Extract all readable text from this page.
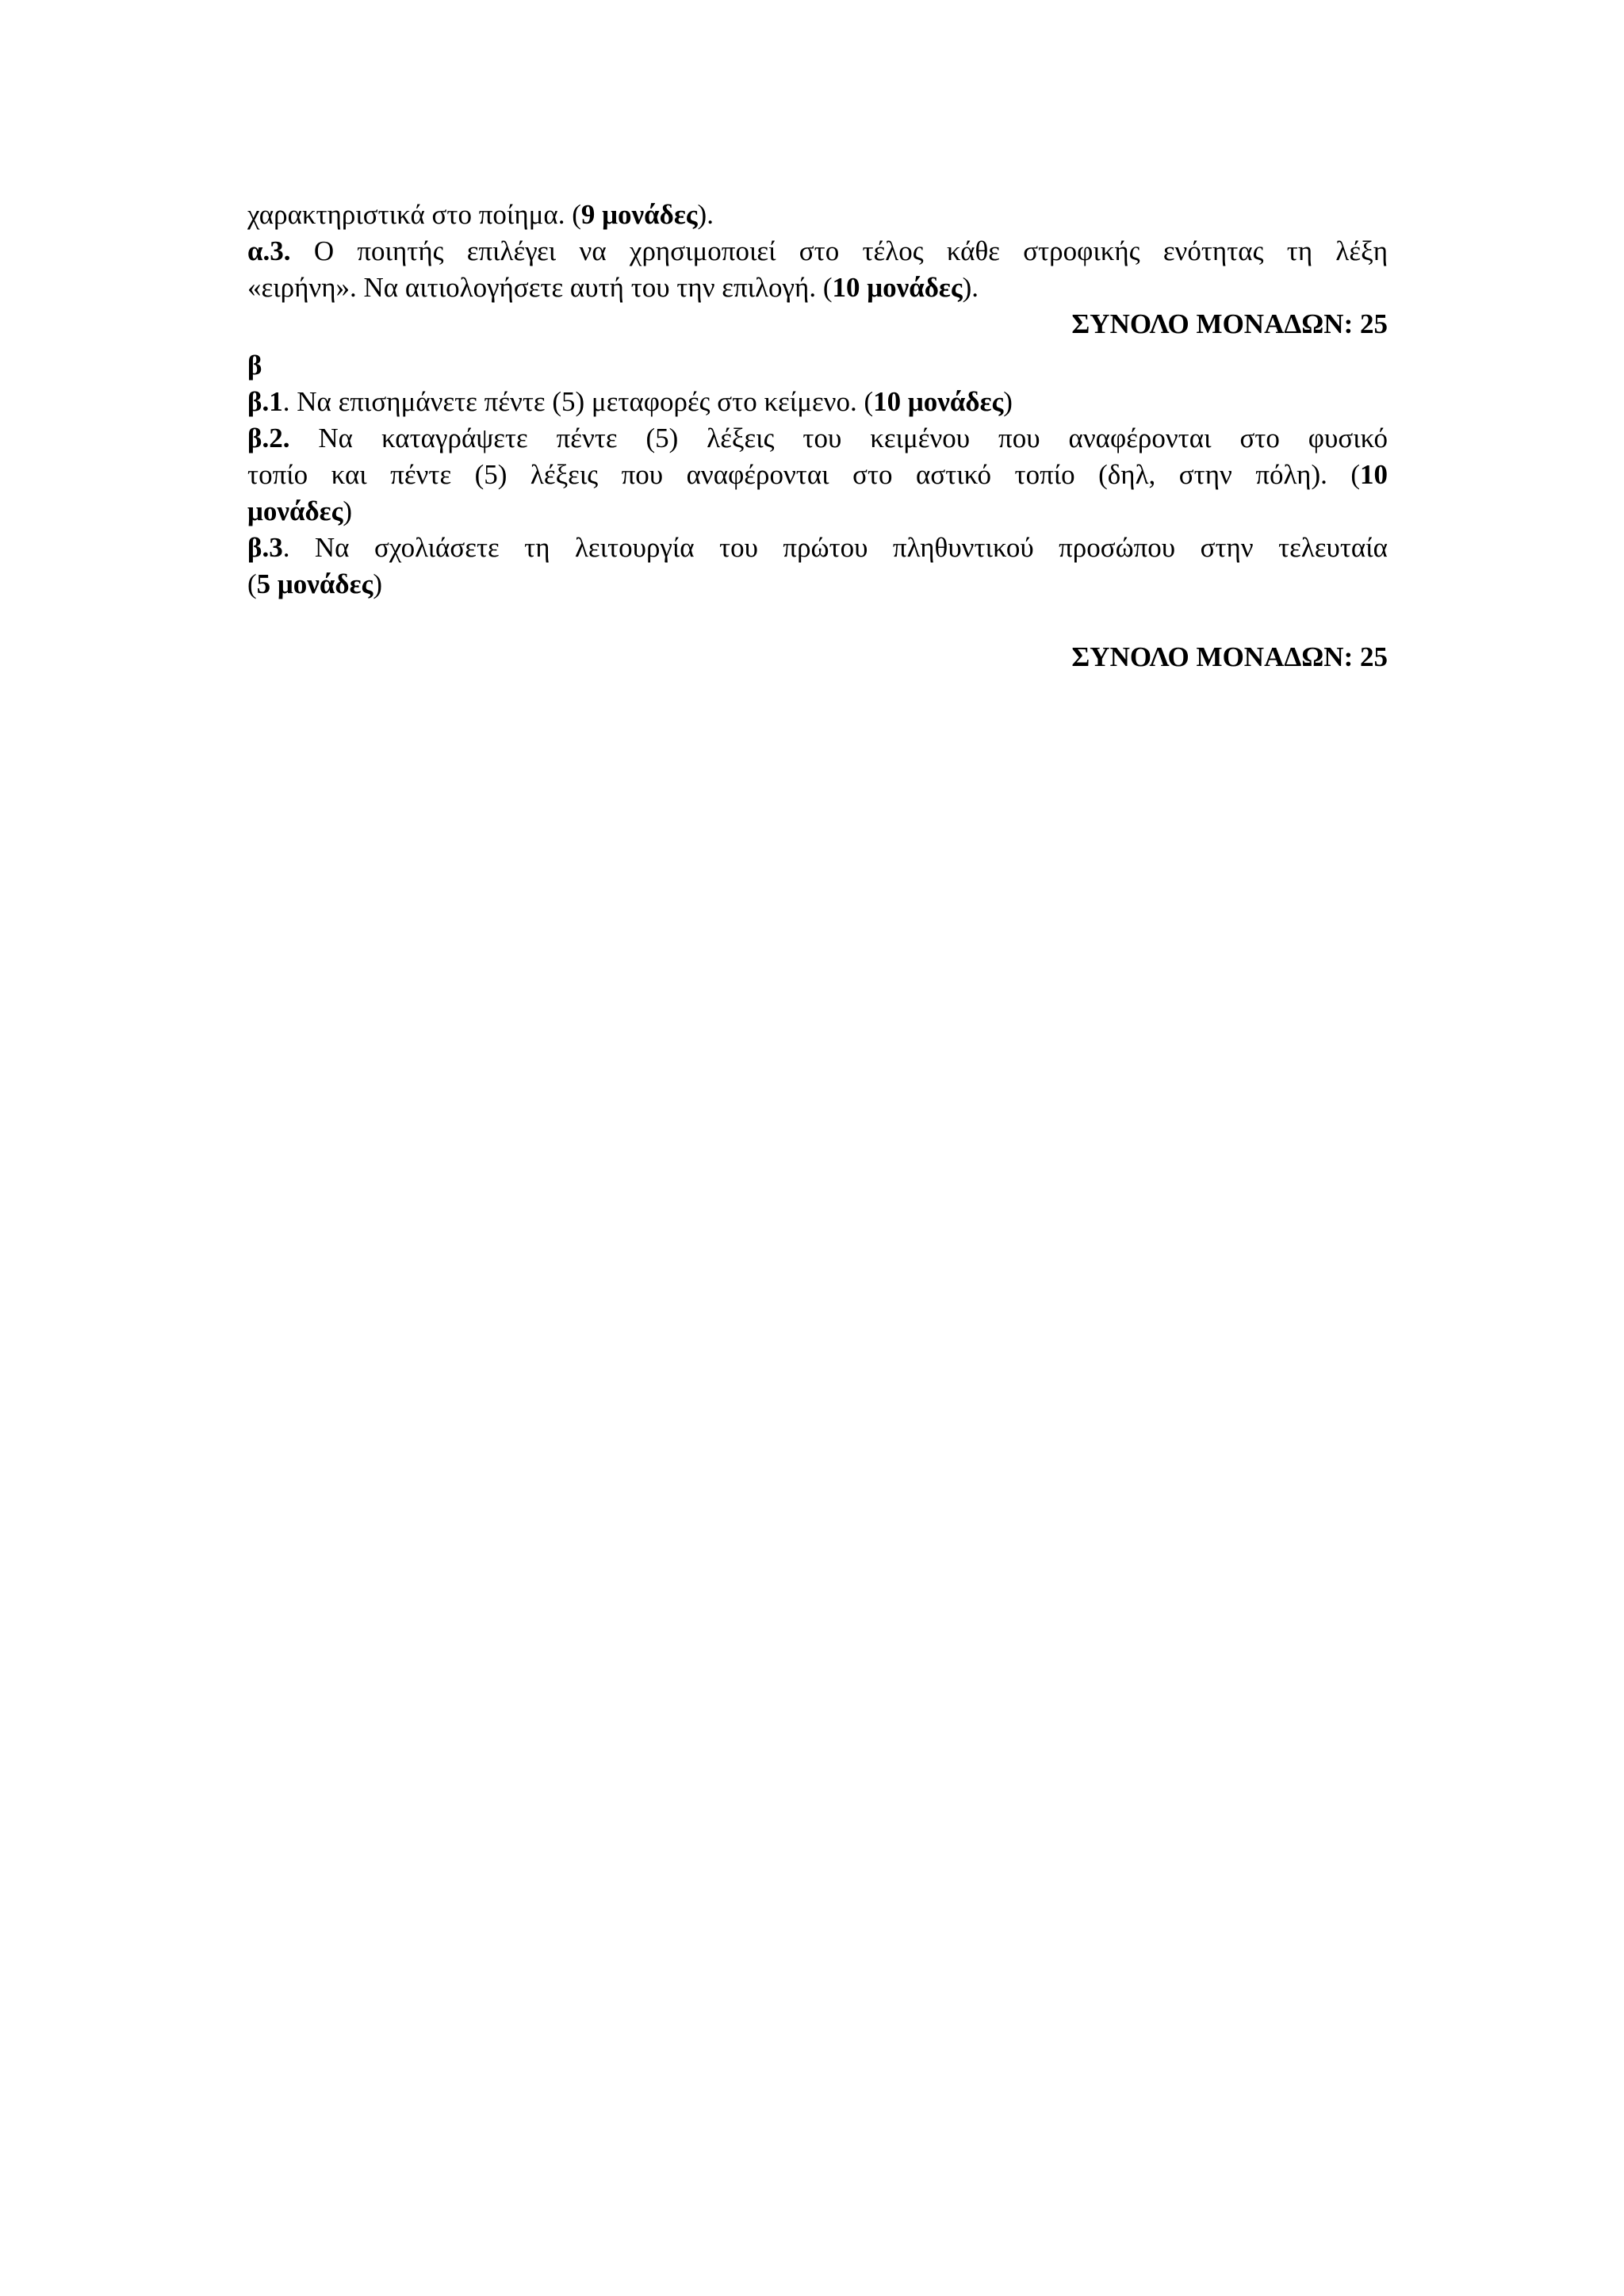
χαρακτηριστικά στο ποίημα. (9 μονάδες).
α.3. Ο ποιητής επιλέγει να χρησιμοποιεί στο τέλος κάθε στροφικής ενότητας τη λέξη
«ειρήνη». Να αιτιολογήσετε αυτή του την επιλογή. (10 μονάδες).
ΣΥΝΟΛΟ ΜΟΝΑΔΩΝ: 25
β
β.1. Να επισημάνετε πέντε (5) μεταφορές στο κείμενο. (10 μονάδες)
β.2. Να καταγράψετε πέντε (5) λέξεις του κειμένου που αναφέρονται στο φυσικό
τοπίο και πέντε (5) λέξεις που αναφέρονται στο αστικό τοπίο (δηλ, στην πόλη). (10
μονάδες)
β.3. Να σχολιάσετε τη λειτουργία του πρώτου πληθυντικού προσώπου στην τελευταία
(5 μονάδες)
ΣΥΝΟΛΟ ΜΟΝΑΔΩΝ: 25
